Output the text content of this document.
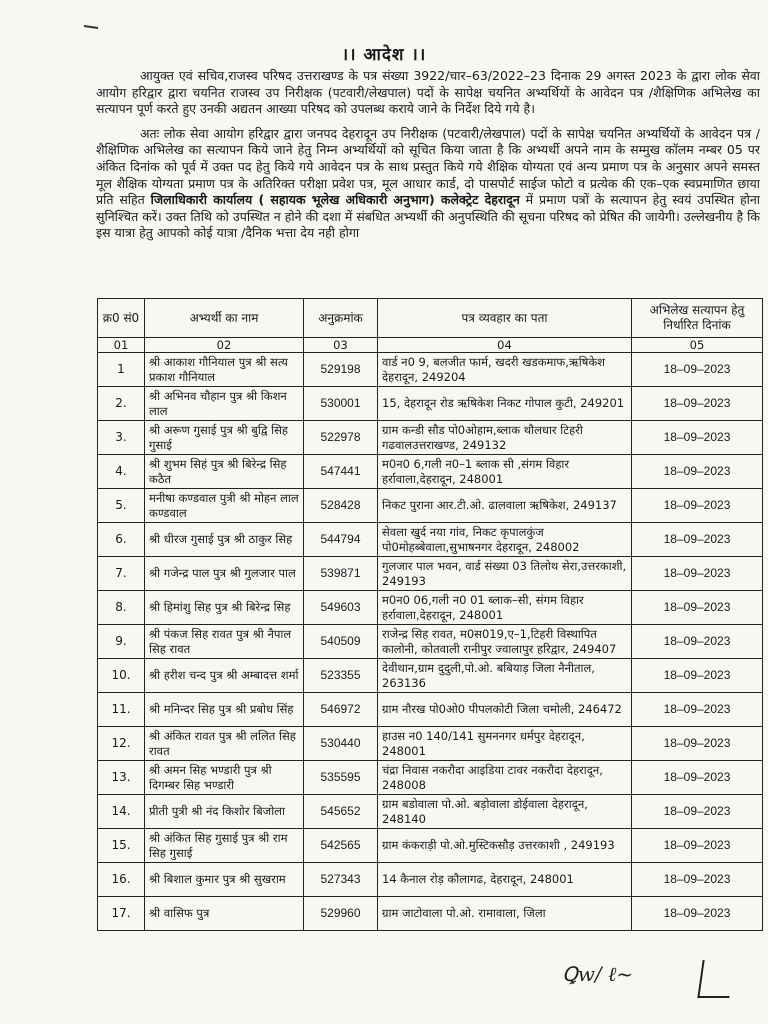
।। आदेश ।।

आयुक्त एवं सचिव,राजस्व परिषद उत्तराखण्ड के पत्र संख्या 3922/चार–63/2022–23 दिनाक 29 अगस्त 2023 के द्वारा लोक सेवा आयोग हरिद्वार द्वारा चयनित राजस्व उप निरीक्षक (पटवारी/लेखपाल) पदों के सापेक्ष चयनित अभ्यर्थियों के आवेदन पत्र /शैक्षिणिक अभिलेख का सत्यापन पूर्ण करते हुए उनकी अद्यतन आख्या परिषद को उपलब्ध कराये जाने के निर्देश दिये गये है।

अतः लोक सेवा आयोग हरिद्वार द्वारा जनपद देहरादून उप निरीक्षक (पटवारी/लेखपाल) पदों के सापेक्ष चयनित अभ्यर्थियों के आवेदन पत्र /शैक्षिणिक अभिलेख का सत्यापन किये जाने हेतु निम्न अभ्यर्थियों को सूचित किया जाता है कि अभ्यर्थी अपने नाम के सम्मुख कॉलम नम्बर 05 पर अंकित दिनांक को पूर्व में उक्त पद हेतु किये गये आवेदन पत्र के साथ प्रस्तुत किये गये शैक्षिक योग्यता एवं अन्य प्रमाण पत्र के अनुसार अपने समस्त मूल शैक्षिक योग्यता प्रमाण पत्र के अतिरिक्त परीक्षा प्रवेश पत्र, मूल आधार कार्ड, दो पासपोर्ट साईज फोटो व प्रत्येक की एक–एक स्वप्रमाणित छाया प्रति सहित जिलाधिकारी कार्यालय ( सहायक भूलेख अधिकारी अनुभाग) कलेक्ट्रेट देहरादून में प्रमाण पत्रों के सत्यापन हेतु स्वयं उपस्थित होना सुनिश्चित करें। उक्त तिथि को उपस्थित न होने की दशा में संबधित अभ्यर्थी की अनुपस्थिति की सूचना परिषद को प्रेषित की जायेगी। उल्लेखनीय है कि इस यात्रा हेतु आपको कोई यात्रा /दैनिक भत्ता देय नही होगा

क्र0 सं0	अभ्यर्थी का नाम	अनुक्रमांक	पत्र व्यवहार का पता	अभिलेख सत्यापन हेतु निर्धारित दिनांक
01	02	03	04	05
1	श्री आकाश गौनियाल पुत्र श्री सत्य प्रकाश गौनियाल	529198	वार्ड न0 9, बलजीत फार्म, खदरी खडकमाफ,ऋषिकेश देहरादून, 249204	18–09–2023
2.	श्री अभिनव चौहान पुत्र श्री किशन लाल	530001	15, देहरादून रोड ऋषिकेश निकट गोपाल कुटी, 249201	18–09–2023
3.	श्री अरूण गुसाई पुत्र श्री बुद्वि सिह गुसाई	522978	ग्राम कन्डी सौड पो0ओहाम,ब्लाक थौलधार टिहरी गढवालउत्तराखण्ड, 249132	18–09–2023
4.	श्री शुभम सिहं पुत्र श्री बिरेन्द्र सिह कठैत	547441	म0न0 6,गली न0–1 ब्लाक सी ,संगम विहार हर्रावाला,देहरादून, 248001	18–09–2023
5.	मनीषा कण्डवाल पुत्री श्री मोहन लाल कण्डवाल	528428	निकट पुराना आर.टी.ओ. ढालवाला ऋषिकेश, 249137	18–09–2023
6.	श्री धीरज गुसाई पुत्र श्री ठाकुर सिह	544794	सेवला खुर्द नया गांव, निकट कृपालकुंज पो0मोहब्बेवाला,सुभाषनगर देहरादून, 248002	18–09–2023
7.	श्री गजेन्द्र पाल पुत्र श्री गुलजार पाल	539871	गुलजार पाल भवन, वार्ड संख्या 03 तिलोथ सेरा,उत्तरकाशी, 249193	18–09–2023
8.	श्री हिमांशु सिह पुत्र श्री बिरेन्द्र सिह	549603	म0न0 06,गली न0 01 ब्लाक–सी, संगम विहार हर्रावाला,देहरादून, 248001	18–09–2023
9.	श्री पंकज सिह रावत पुत्र श्री नैपाल सिह रावत	540509	राजेन्द्र सिह रावत, म0स019,ए–1,टिहरी विस्थापित कालोनी, कोतवाली रानीपुर ज्वालापुर हरिद्वार, 249407	18–09–2023
10.	श्री हरीश चन्द पुत्र श्री अम्बादत्त शर्मा	523355	देवीथान,ग्राम दुदुली,पो.ओ. बबियाड़ जिला नैनीताल, 263136	18–09–2023
11.	श्री मनिन्दर सिह पुत्र श्री प्रबोध सिंह	546972	ग्राम नौरख पो0ओ0 पीपलकोटी जिला चमोली, 246472	18–09–2023
12.	श्री अंकित रावत पुत्र श्री ललित सिह रावत	530440	हाउस न0 140/141 सुमननगर धर्मपुर देहरादून, 248001	18–09–2023
13.	श्री अमन सिह भण्डारी पुत्र श्री दिगम्बर सिह भण्डारी	535595	चंद्रा निवास नकरौदा आइडिया टावर नकरौदा देहरादून, 248008	18–09–2023
14.	प्रीती पुत्री श्री नंद किशोर बिजोला	545652	ग्राम बडोवाला पो.ओ. बड़ोवाला डोईवाला देहरादून, 248140	18–09–2023
15.	श्री अंकित सिह गुसाई पुत्र श्री राम सिह गुसाई	542565	ग्राम कंकराड़ी पो.ओ.मुस्टिकसौड़ उत्तरकाशी , 249193	18–09–2023
16.	श्री बिशाल कुमार पुत्र श्री सुखराम	527343	14 कैनाल रोड़ कौलागढ, देहरादून, 248001	18–09–2023
17.	श्री वासिफ पुत्र	529960	ग्राम जाटोवाला पो.ओ. रामावाला, जिला	18–09–2023
Ꝗw/ ℓ~
